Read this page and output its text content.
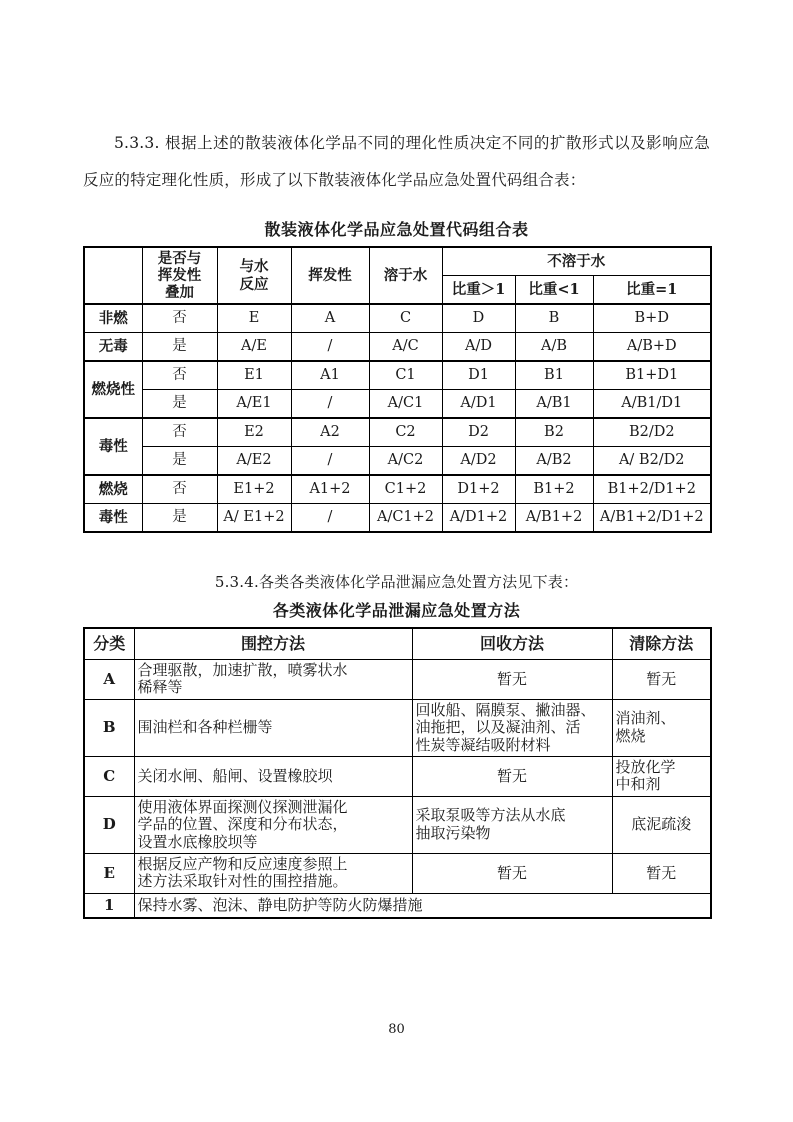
5.3.3. 根据上述的散装液体化学品不同的理化性质决定不同的扩散形式以及影响应急反应的特定理化性质，形成了以下散装液体化学品应急处置代码组合表：

散装液体化学品应急处置代码组合表

	是否与
挥发性
叠加	与水
反应	挥发性	溶于水	不溶于水		
					比重＞1	比重<1	比重=1
非燃	否	E	A	C	D	B	B+D
无毒	是	A/E	/	A/C	A/D	A/B	A/B+D
燃烧性	否	E1	A1	C1	D1	B1	B1+D1
	是	A/E1	/	A/C1	A/D1	A/B1	A/B1/D1
毒性	否	E2	A2	C2	D2	B2	B2/D2
	是	A/E2	/	A/C2	A/D2	A/B2	A/ B2/D2
燃烧	否	E1+2	A1+2	C1+2	D1+2	B1+2	B1+2/D1+2
毒性	是	A/ E1+2	/	A/C1+2	A/D1+2	A/B1+2	A/B1+2/D1+2
5.3.4.各类各类液体化学品泄漏应急处置方法见下表：
各类液体化学品泄漏应急处置方法
分类	围控方法	回收方法	清除方法
A	合理驱散，加速扩散，喷雾状水
稀释等	暂无	暂无
B	围油栏和各种栏栅等	回收船、隔膜泵、撇油器、
油拖把，以及凝油剂、活
性炭等凝结吸附材料	消油剂、
燃烧

C	关闭水闸、船闸、设置橡胶坝	暂无	投放化学
中和剂

D	使用液体界面探测仪探测泄漏化
学品的位置、深度和分布状态，
设置水底橡胶坝等	采取泵吸等方法从水底
抽取污染物	底泥疏浚
E	根据反应产物和反应速度参照上
述方法采取针对性的围控措施。	暂无	暂无
1	保持水雾、泡沫、静电防护等防火防爆措施		
80
